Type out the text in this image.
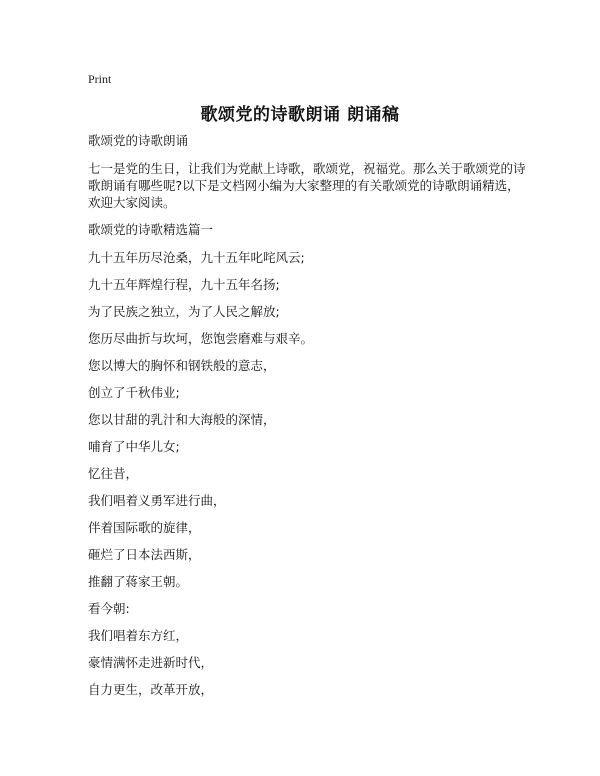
Print
歌颂党的诗歌朗诵 朗诵稿

歌颂党的诗歌朗诵

七一是党的生日，让我们为党献上诗歌，歌颂党，祝福党。那么关于歌颂党的诗歌朗诵有哪些呢?以下是文档网小编为大家整理的有关歌颂党的诗歌朗诵精选，欢迎大家阅读。

歌颂党的诗歌精选篇一

九十五年历尽沧桑，九十五年叱咤风云;

九十五年辉煌行程，九十五年名扬;

为了民族之独立，为了人民之解放;

您历尽曲折与坎坷，您饱尝磨难与艰辛。

您以博大的胸怀和钢铁般的意志，

创立了千秋伟业;

您以甘甜的乳汁和大海般的深情，

哺育了中华儿女;

忆往昔，

我们唱着义勇军进行曲，

伴着国际歌的旋律，

砸烂了日本法西斯，

推翻了蒋家王朝。

看今朝:

我们唱着东方红，

豪情满怀走进新时代，

自力更生，改革开放，
